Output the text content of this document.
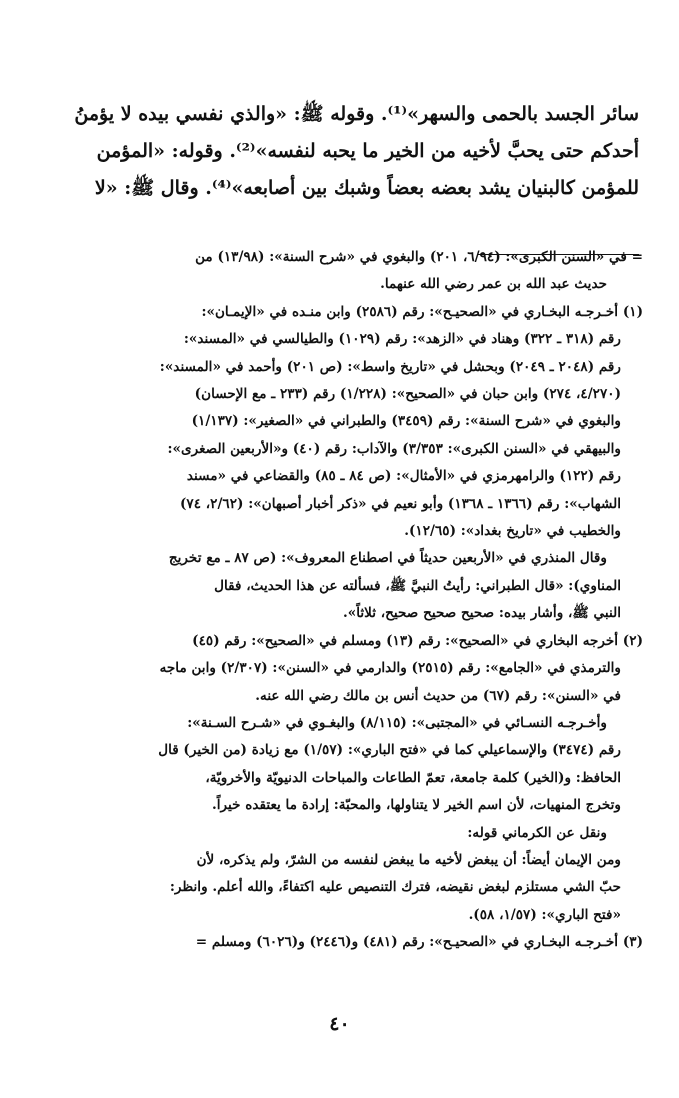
سائر الجسد بالحمى والسهر»⁽¹⁾. وقوله ﷺ: «والذي نفسي بيده لا يؤمنُ
أحدكم حتى يحبَّ لأخيه من الخير ما يحبه لنفسه»⁽²⁾. وقوله: «المؤمن
للمؤمن كالبنيان يشد بعضه بعضاً وشبك بين أصابعه»⁽⁴⁾. وقال ﷺ: «لا
= في «السنن الكبرى»: (٦/٩٤، ٢٠١) والبغوي في «شرح السنة»: (١٣/٩٨) من
حديث عبد الله بن عمر رضي الله عنهما.
(١) أخـرجـه البخـاري في «الصحيـح»: رقم (٢٥٨٦) وابن منـده في «الإيمـان»:
رقم (٣١٨ ـ ٣٢٢) وهناد في «الزهد»: رقم (١٠٢٩) والطيالسي في «المسند»:
رقم (٢٠٤٨ ـ ٢٠٤٩) وبحشل في «تاريخ واسط»: (ص ٢٠١) وأحمد في «المسند»:
(٤/٢٧٠، ٢٧٤) وابن حبان في «الصحيح»: (١/٢٢٨) رقم (٢٣٣ ـ مع الإحسان)
والبغوي في «شرح السنة»: رقم (٣٤٥٩) والطبراني في «الصغير»: (١/١٣٧)
والبيهقي في «السنن الكبرى»: ٣/٣٥٣) والآداب: رقم (٤٠) و«الأربعين الصغرى»:
رقم (١٢٢) والرامهرمزي في «الأمثال»: (ص ٨٤ ـ ٨٥) والقضاعي في «مسند
الشهاب»: رقم (١٣٦٦ ـ ١٣٦٨) وأبو نعيم في «ذكر أخبار أصبهان»: (٢/٦٢، ٧٤)
والخطيب في «تاريخ بغداد»: (١٢/٦٥).
وقال المنذري في «الأربعين حديثاً في اصطناع المعروف»: (ص ٨٧ ـ مع تخريج
المناوي): «قال الطبراني: رأيتُ النبيَّ ﷺ، فسألته عن هذا الحديث، فقال
النبي ﷺ، وأشار بيده: صحيح صحيح صحيح، ثلاثاً».
(٢) أخرجه البخاري في «الصحيح»: رقم (١٣) ومسلم في «الصحيح»: رقم (٤٥)
والترمذي في «الجامع»: رقم (٢٥١٥) والدارمي في «السنن»: (٢/٣٠٧) وابن ماجه
في «السنن»: رقم (٦٧) من حديث أنس بن مالك رضي الله عنه.
وأخـرجـه النسـائي في «المجتبى»: (٨/١١٥) والبغـوي في «شـرح السـنة»:
رقم (٣٤٧٤) والإسماعيلي كما في «فتح الباري»: (١/٥٧) مع زيادة (من الخير) قال
الحافظ: و(الخير) كلمة جامعة، تعمّ الطاعات والمباحات الدنيويّة والأخرويّة،
وتخرج المنهيات، لأن اسم الخير لا يتناولها، والمحبّة: إرادة ما يعتقده خيراً.
ونقل عن الكرماني قوله:
ومن الإيمان أيضاً: أن يبغض لأخيه ما يبغض لنفسه من الشرّ، ولم يذكره، لأن
حبّ الشي مستلزم لبغض نقيضه، فترك التنصيص عليه اكتفاءً، والله أعلم. وانظر:
«فتح الباري»: (١/٥٧، ٥٨).
(٣) أخـرجـه البخـاري في «الصحيـح»: رقم (٤٨١) و(٢٤٤٦) و(٦٠٢٦) ومسلم =
٤٠
